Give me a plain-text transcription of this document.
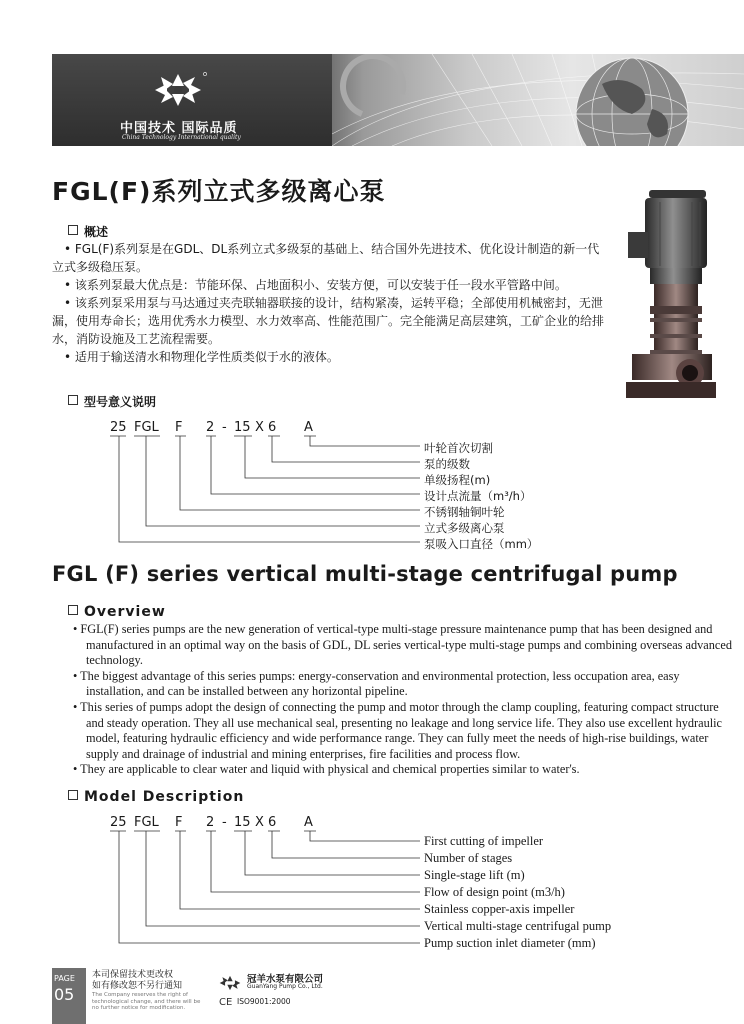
中国技术 国际品质
China Technology International quality
FGL(F)系列立式多级离心泵
概述

• FGL(F)系列泵是在GDL、DL系列立式多级泵的基础上、结合国外先进技术、优化设计制造的新一代立式多级稳压泵。

• 该系列泵最大优点是：节能环保、占地面积小、安装方便，可以安装于任一段水平管路中间。

• 该系列泵采用泵与马达通过夹壳联轴器联接的设计，结构紧凑，运转平稳；全部使用机械密封，无泄漏，使用寿命长；选用优秀水力模型、水力效率高、性能范围广。完全能满足高层建筑，工矿企业的给排水，消防设施及工艺流程需要。

• 适用于输送清水和物理化学性质类似于水的液体。

型号意义说明
25 FGL F 2 - 15 X 6 A
叶轮首次切割
泵的级数
单级扬程(m)
设计点流量（m³/h）
不锈钢轴铜叶轮
立式多级离心泵
泵吸入口直径（mm）
FGL (F) series vertical multi-stage centrifugal pump
Overview

• FGL(F) series pumps are the new generation of vertical-type multi-stage pressure maintenance pump that has been designed and manufactured in an optimal way on the basis of GDL, DL series vertical-type multi-stage pumps and combining overseas advanced technology.

• The biggest advantage of this series pumps: energy-conservation and environmental protection, less occupation area, easy installation, and can be installed between any horizontal pipeline.

• This series of pumps adopt the design of connecting the pump and motor through the clamp coupling, featuring compact structure and steady operation. They all use mechanical seal, presenting no leakage and long service life. They also use excellent hydraulic model, featuring hydraulic efficiency and wide performance range. They can fully meet the needs of high-rise buildings, water supply and drainage of industrial and mining enterprises, fire facilities and process flow.

• They are applicable to clear water and liquid with physical and chemical properties similar to water's.

Model Description
25 FGL F 2 - 15 X 6 A
First cutting of impeller
Number of stages
Single-stage lift (m)
Flow of design point (m3/h)
Stainless copper-axis impeller
Vertical multi-stage centrifugal pump
Pump suction inlet diameter (mm)
PAGE
05
本司保留技术更改权
如有修改恕不另行通知
The Company reserves the right of technological change, and there will be no further notice for modification.
冠羊水泵有限公司
GuanYang Pump Co., Ltd.
CE ISO9001:2000
